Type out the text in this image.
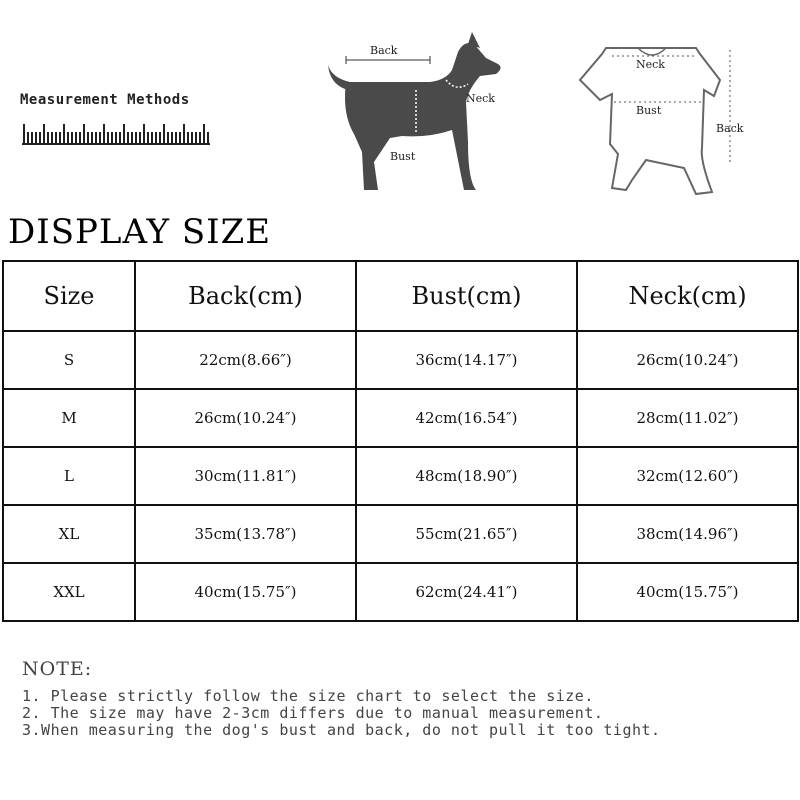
Measurement Methods
Back
Neck
Bust
Neck
Bust
Back
DISPLAY SIZE
Size	Back(cm)	Bust(cm)	Neck(cm)
S	22cm(8.66″)	36cm(14.17″)	26cm(10.24″)
M	26cm(10.24″)	42cm(16.54″)	28cm(11.02″)
L	30cm(11.81″)	48cm(18.90″)	32cm(12.60″)
XL	35cm(13.78″)	55cm(21.65″)	38cm(14.96″)
XXL	40cm(15.75″)	62cm(24.41″)	40cm(15.75″)
NOTE:
1. Please strictly follow the size chart to select the size.
2. The size may have 2-3cm differs due to manual measurement.
3.When measuring the dog's bust and back, do not pull it too tight.
